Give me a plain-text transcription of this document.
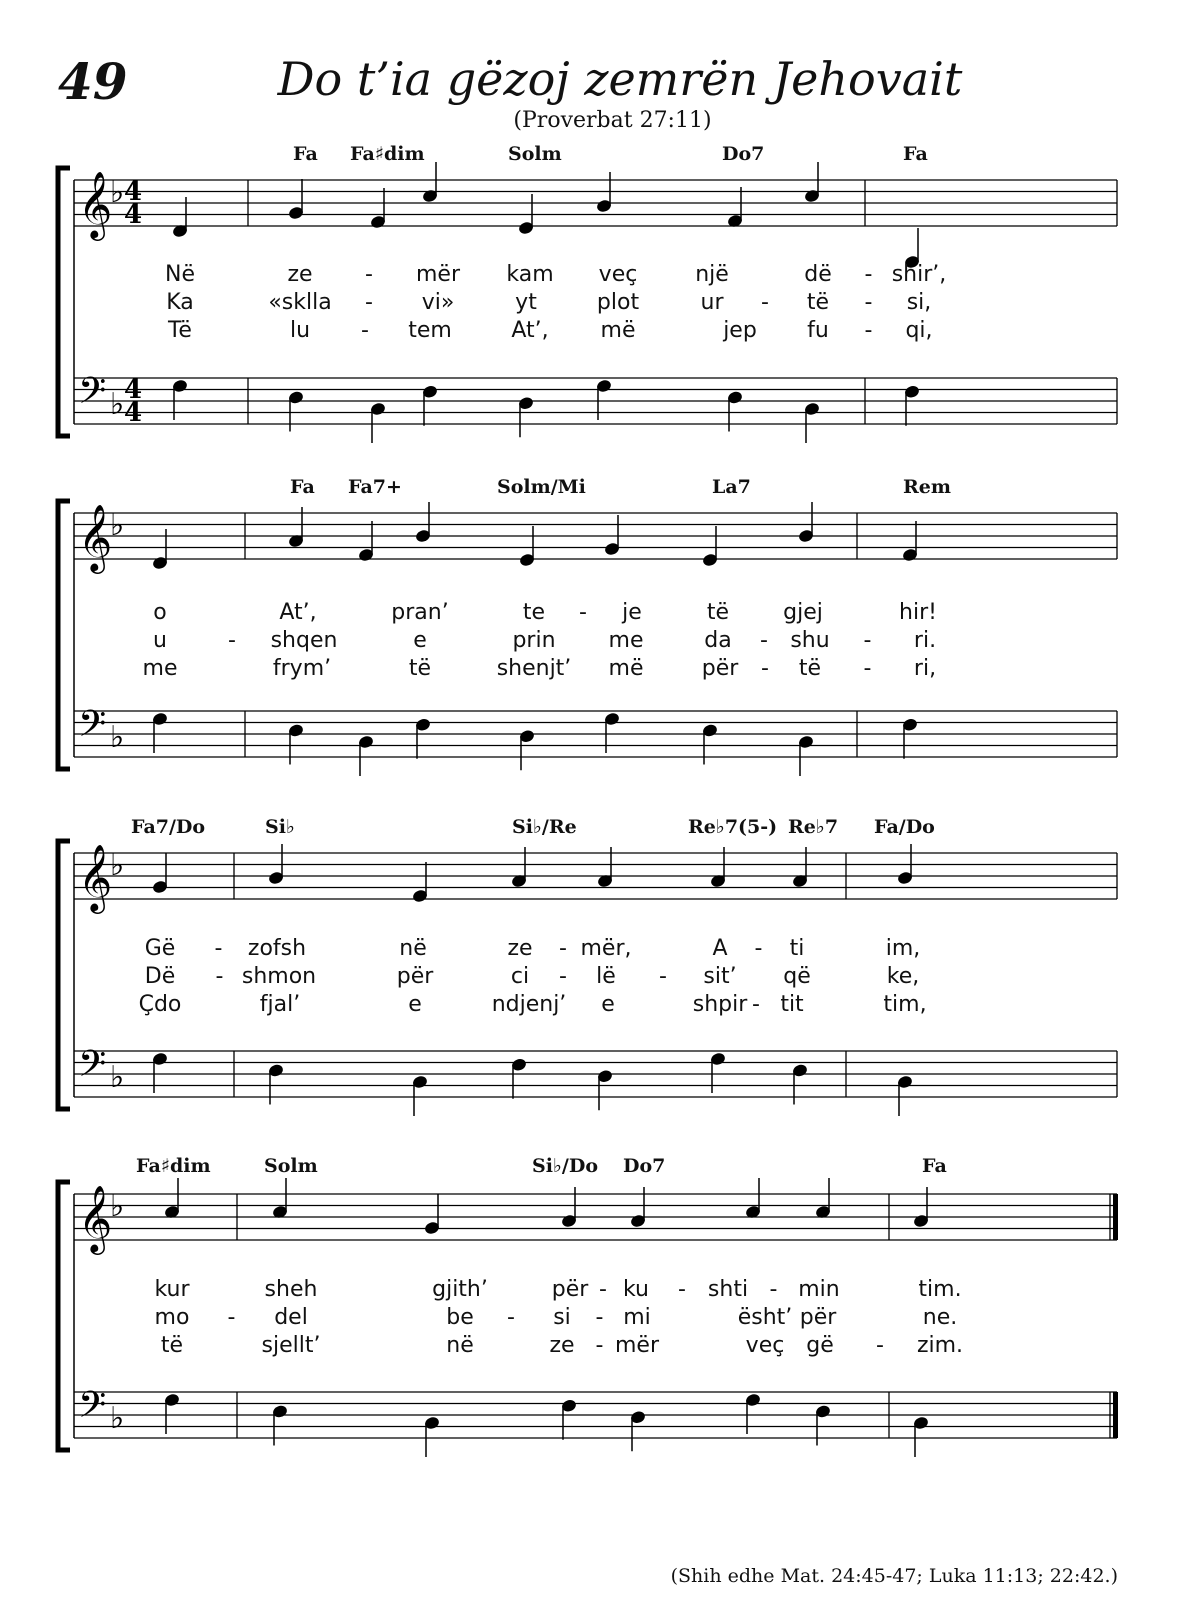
49	Do t’ia gëzoj zemrën Jehovait
(Proverbat 27:11)
(Shih edhe Mat. 24:45-47; Luka 11:13; 22:42.)
𝄞
♭ 4
4
𝄢 ♭ 4
4
𝄞
♭
𝄢 ♭
𝄞
♭
𝄢 ♭
𝄞
♭
𝄢 ♭
Fa Fa♯dim	Solm	Do7	Fa
Në	ze - mër kam veç	një	dë - shir’,
Ka	«sklla - vi»	yt	plot	ur - të - si,
Të	lu - tem	At’, më	jep fu - qi,
Fa Fa7+	Solm/Mi	La7	Rem
o	At’,	pran’	te - je	të gjej	hir!
u	- shqen	e	prin me	da - shu - ri.
me	frym’	të	shenjt’ më	për - të - ri,
Fa7/Do	Si♭	Si♭/Re	Re♭7(5-) Re♭7 Fa/Do
Gë - zofsh	në	ze - mër,	A - ti	im,
Dë - shmon	për	ci - lë - sit’ që	ke,
Çdo	fjal’	e	ndjenj’ e	shpir - tit	tim,
Fa♯dim	Solm	Si♭/Do Do7	Fa
kur	sheh	gjith’	për - ku - shti - min	tim.
mo - del	be - si - mi	ësht’ për	ne.
të	sjellt’	në	ze - mër	veç gë - zim.
